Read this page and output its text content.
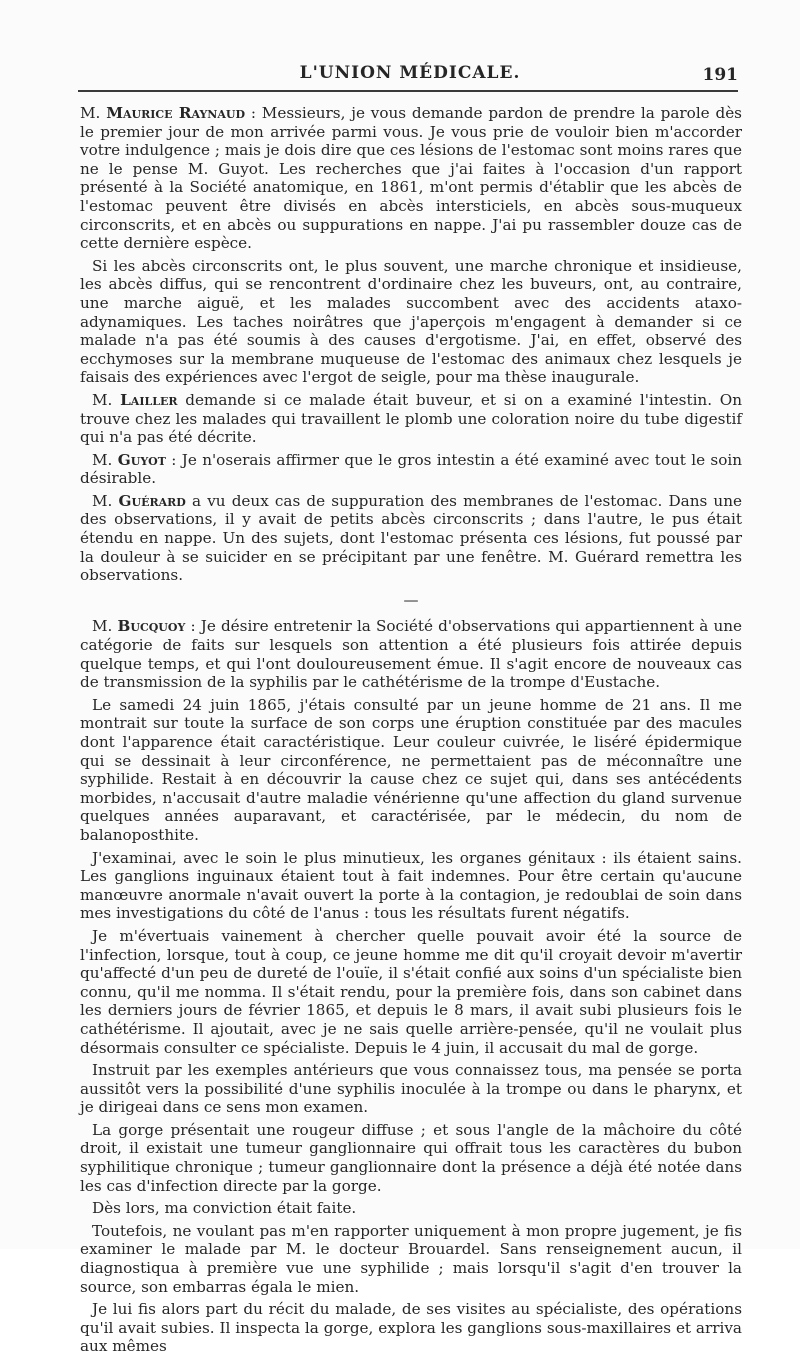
L'UNION MÉDICALE.	191

M. Maurice Raynaud : Messieurs, je vous demande pardon de prendre la parole dès le premier jour de mon arrivée parmi vous. Je vous prie de vouloir bien m'accorder votre indulgence ; mais je dois dire que ces lésions de l'estomac sont moins rares que ne le pense M. Guyot. Les recherches que j'ai faites à l'occasion d'un rapport présenté à la Société anatomique, en 1861, m'ont permis d'établir que les abcès de l'estomac peuvent être divisés en abcès intersticiels, en abcès sous-muqueux circonscrits, et en abcès ou suppurations en nappe. J'ai pu rassembler douze cas de cette dernière espèce.

Si les abcès circonscrits ont, le plus souvent, une marche chronique et insidieuse, les abcès diffus, qui se rencontrent d'ordinaire chez les buveurs, ont, au contraire, une marche aiguë, et les malades succombent avec des accidents ataxo-adynamiques. Les taches noirâtres que j'aperçois m'engagent à demander si ce malade n'a pas été soumis à des causes d'ergotisme. J'ai, en effet, observé des ecchymoses sur la membrane muqueuse de l'estomac des animaux chez lesquels je faisais des expériences avec l'ergot de seigle, pour ma thèse inaugurale.

M. Lailler demande si ce malade était buveur, et si on a examiné l'intestin. On trouve chez les malades qui travaillent le plomb une coloration noire du tube digestif qui n'a pas été décrite.

M. Guyot : Je n'oserais affirmer que le gros intestin a été examiné avec tout le soin désirable.

M. Guérard a vu deux cas de suppuration des membranes de l'estomac. Dans une des observations, il y avait de petits abcès circonscrits ; dans l'autre, le pus était étendu en nappe. Un des sujets, dont l'estomac présenta ces lésions, fut poussé par la douleur à se suicider en se précipitant par une fenêtre. M. Guérard remettra les observations.

—

M. Bucquoy : Je désire entretenir la Société d'observations qui appartiennent à une catégorie de faits sur lesquels son attention a été plusieurs fois attirée depuis quelque temps, et qui l'ont douloureusement émue. Il s'agit encore de nouveaux cas de transmission de la syphilis par le cathétérisme de la trompe d'Eustache.

Le samedi 24 juin 1865, j'étais consulté par un jeune homme de 21 ans. Il me montrait sur toute la surface de son corps une éruption constituée par des macules dont l'apparence était caractéristique. Leur couleur cuivrée, le liséré épidermique qui se dessinait à leur circonférence, ne permettaient pas de méconnaître une syphilide. Restait à en découvrir la cause chez ce sujet qui, dans ses antécédents morbides, n'accusait d'autre maladie vénérienne qu'une affection du gland survenue quelques années auparavant, et caractérisée, par le médecin, du nom de balanoposthite.

J'examinai, avec le soin le plus minutieux, les organes génitaux : ils étaient sains. Les ganglions inguinaux étaient tout à fait indemnes. Pour être certain qu'aucune manœuvre anormale n'avait ouvert la porte à la contagion, je redoublai de soin dans mes investigations du côté de l'anus : tous les résultats furent négatifs.

Je m'évertuais vainement à chercher quelle pouvait avoir été la source de l'infection, lorsque, tout à coup, ce jeune homme me dit qu'il croyait devoir m'avertir qu'affecté d'un peu de dureté de l'ouïe, il s'était confié aux soins d'un spécialiste bien connu, qu'il me nomma. Il s'était rendu, pour la première fois, dans son cabinet dans les derniers jours de février 1865, et depuis le 8 mars, il avait subi plusieurs fois le cathétérisme. Il ajoutait, avec je ne sais quelle arrière-pensée, qu'il ne voulait plus désormais consulter ce spécialiste. Depuis le 4 juin, il accusait du mal de gorge.

Instruit par les exemples antérieurs que vous connaissez tous, ma pensée se porta aussitôt vers la possibilité d'une syphilis inoculée à la trompe ou dans le pharynx, et je dirigeai dans ce sens mon examen.

La gorge présentait une rougeur diffuse ; et sous l'angle de la mâchoire du côté droit, il existait une tumeur ganglionnaire qui offrait tous les caractères du bubon syphilitique chronique ; tumeur ganglionnaire dont la présence a déjà été notée dans les cas d'infection directe par la gorge.

Dès lors, ma conviction était faite.

Toutefois, ne voulant pas m'en rapporter uniquement à mon propre jugement, je fis examiner le malade par M. le docteur Brouardel. Sans renseignement aucun, il diagnostiqua à première vue une syphilide ; mais lorsqu'il s'agit d'en trouver la source, son embarras égala le mien.

Je lui fis alors part du récit du malade, de ses visites au spécialiste, des opérations qu'il avait subies. Il inspecta la gorge, explora les ganglions sous-maxillaires et arriva aux mêmes
